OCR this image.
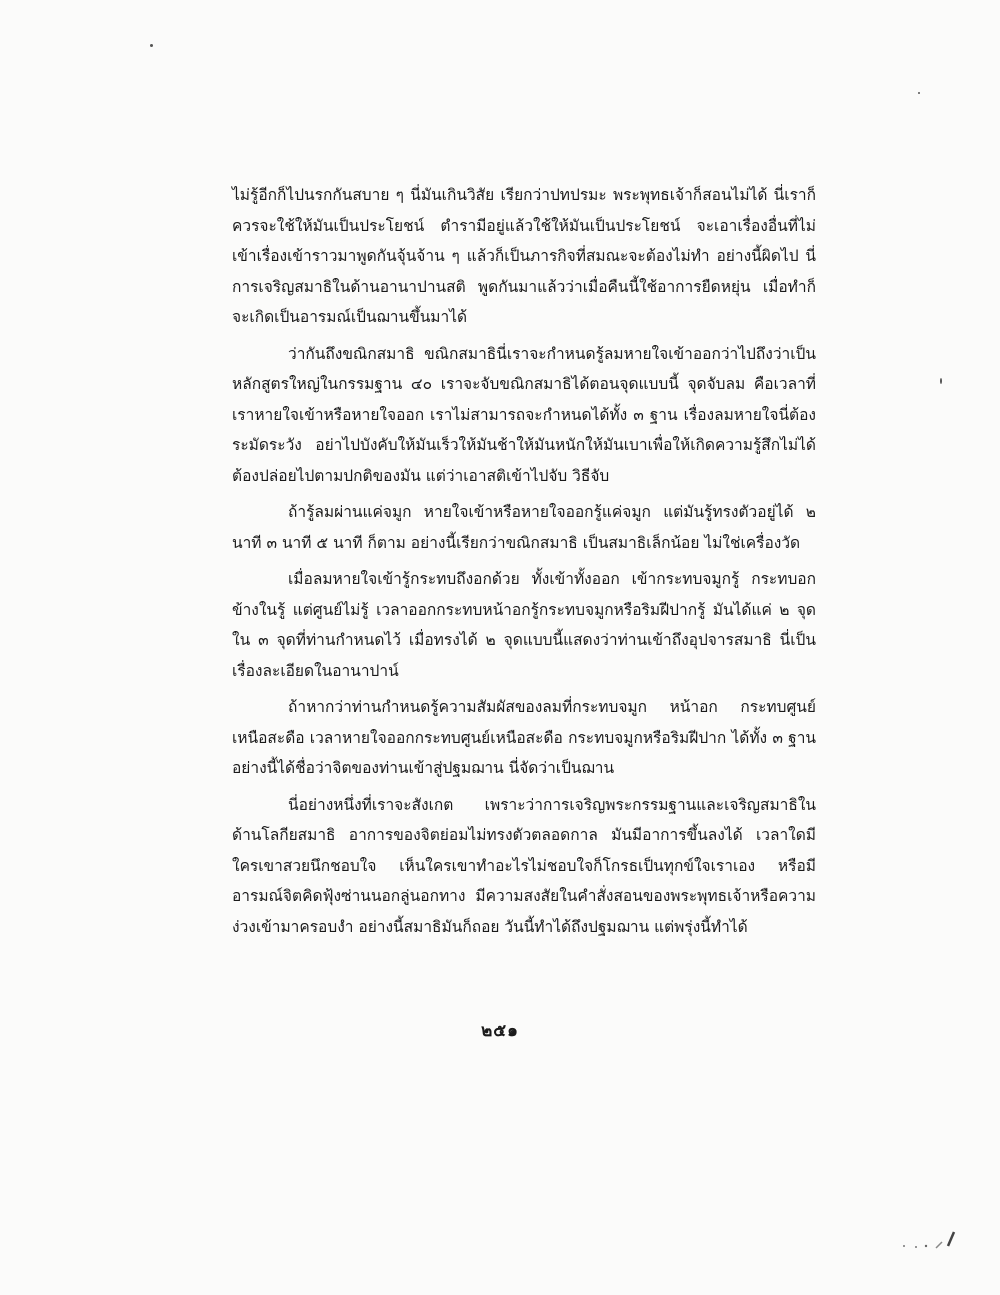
ไม่รู้อีกก็ไปนรกกันสบาย ๆ นี่มันเกินวิสัย เรียกว่าปทปรมะ พระพุทธเจ้าก็สอนไม่ได้ นี่เราก็ควรจะใช้ให้มันเป็นประโยชน์ ตำรามีอยู่แล้วใช้ให้มันเป็นประโยชน์ จะเอาเรื่องอื่นที่ไม่เข้าเรื่องเข้าราวมาพูดกันจุ้นจ้าน ๆ แล้วก็เป็นภารกิจที่สมณะจะต้องไม่ทำ อย่างนี้ผิดไป นี่การเจริญสมาธิในด้านอานาปานสติ พูดกันมาแล้วว่าเมื่อคืนนี้ใช้อาการยืดหยุ่น เมื่อทำก็จะเกิดเป็นอารมณ์เป็นฌานขึ้นมาได้

ว่ากันถึงขณิกสมาธิ ขณิกสมาธินี่เราจะกำหนดรู้ลมหายใจเข้าออกว่าไปถึงว่าเป็นหลักสูตรใหญ่ในกรรมฐาน ๔๐ เราจะจับขณิกสมาธิได้ตอนจุดแบบนี้ จุดจับลม คือเวลาที่เราหายใจเข้าหรือหายใจออก เราไม่สามารถจะกำหนดได้ทั้ง ๓ ฐาน เรื่องลมหายใจนี่ต้องระมัดระวัง อย่าไปบังคับให้มันเร็วให้มันช้าให้มันหนักให้มันเบาเพื่อให้เกิดความรู้สึกไม่ได้ ต้องปล่อยไปตามปกติของมัน แต่ว่าเอาสติเข้าไปจับ วิธีจับ

ถ้ารู้ลมผ่านแค่จมูก หายใจเข้าหรือหายใจออกรู้แค่จมูก แต่มันรู้ทรงตัวอยู่ได้ ๒ นาที ๓ นาที ๕ นาที ก็ตาม อย่างนี้เรียกว่าขณิกสมาธิ เป็นสมาธิเล็กน้อย ไม่ใช่เครื่องวัด

เมื่อลมหายใจเข้ารู้กระทบถึงอกด้วย ทั้งเข้าทั้งออก เข้ากระทบจมูกรู้ กระทบอกข้างในรู้ แต่ศูนย์ไม่รู้ เวลาออกกระทบหน้าอกรู้กระทบจมูกหรือริมฝีปากรู้ มันได้แค่ ๒ จุด ใน ๓ จุดที่ท่านกำหนดไว้ เมื่อทรงได้ ๒ จุดแบบนี้แสดงว่าท่านเข้าถึงอุปจารสมาธิ นี่เป็นเรื่องละเอียดในอานาปาน์

ถ้าหากว่าท่านกำหนดรู้ความสัมผัสของลมที่กระทบจมูก หน้าอก กระทบศูนย์เหนือสะดือ เวลาหายใจออกกระทบศูนย์เหนือสะดือ กระทบจมูกหรือริมฝีปาก ได้ทั้ง ๓ ฐาน อย่างนี้ได้ชื่อว่าจิตของท่านเข้าสู่ปฐมฌาน นี่จัดว่าเป็นฌาน

นี่อย่างหนึ่งที่เราจะสังเกต เพราะว่าการเจริญพระกรรมฐานและเจริญสมาธิในด้านโลกียสมาธิ อาการของจิตย่อมไม่ทรงตัวตลอดกาล มันมีอาการขึ้นลงได้ เวลาใดมีใครเขาสวยนึกชอบใจ เห็นใครเขาทำอะไรไม่ชอบใจก็โกรธเป็นทุกข์ใจเราเอง หรือมีอารมณ์จิตคิดฟุ้งซ่านนอกลู่นอกทาง มีความสงสัยในคำสั่งสอนของพระพุทธเจ้าหรือความง่วงเข้ามาครอบงำ อย่างนี้สมาธิมันก็ถอย วันนี้ทำได้ถึงปฐมฌาน แต่พรุ่งนี้ทำได้

๒๕๑
